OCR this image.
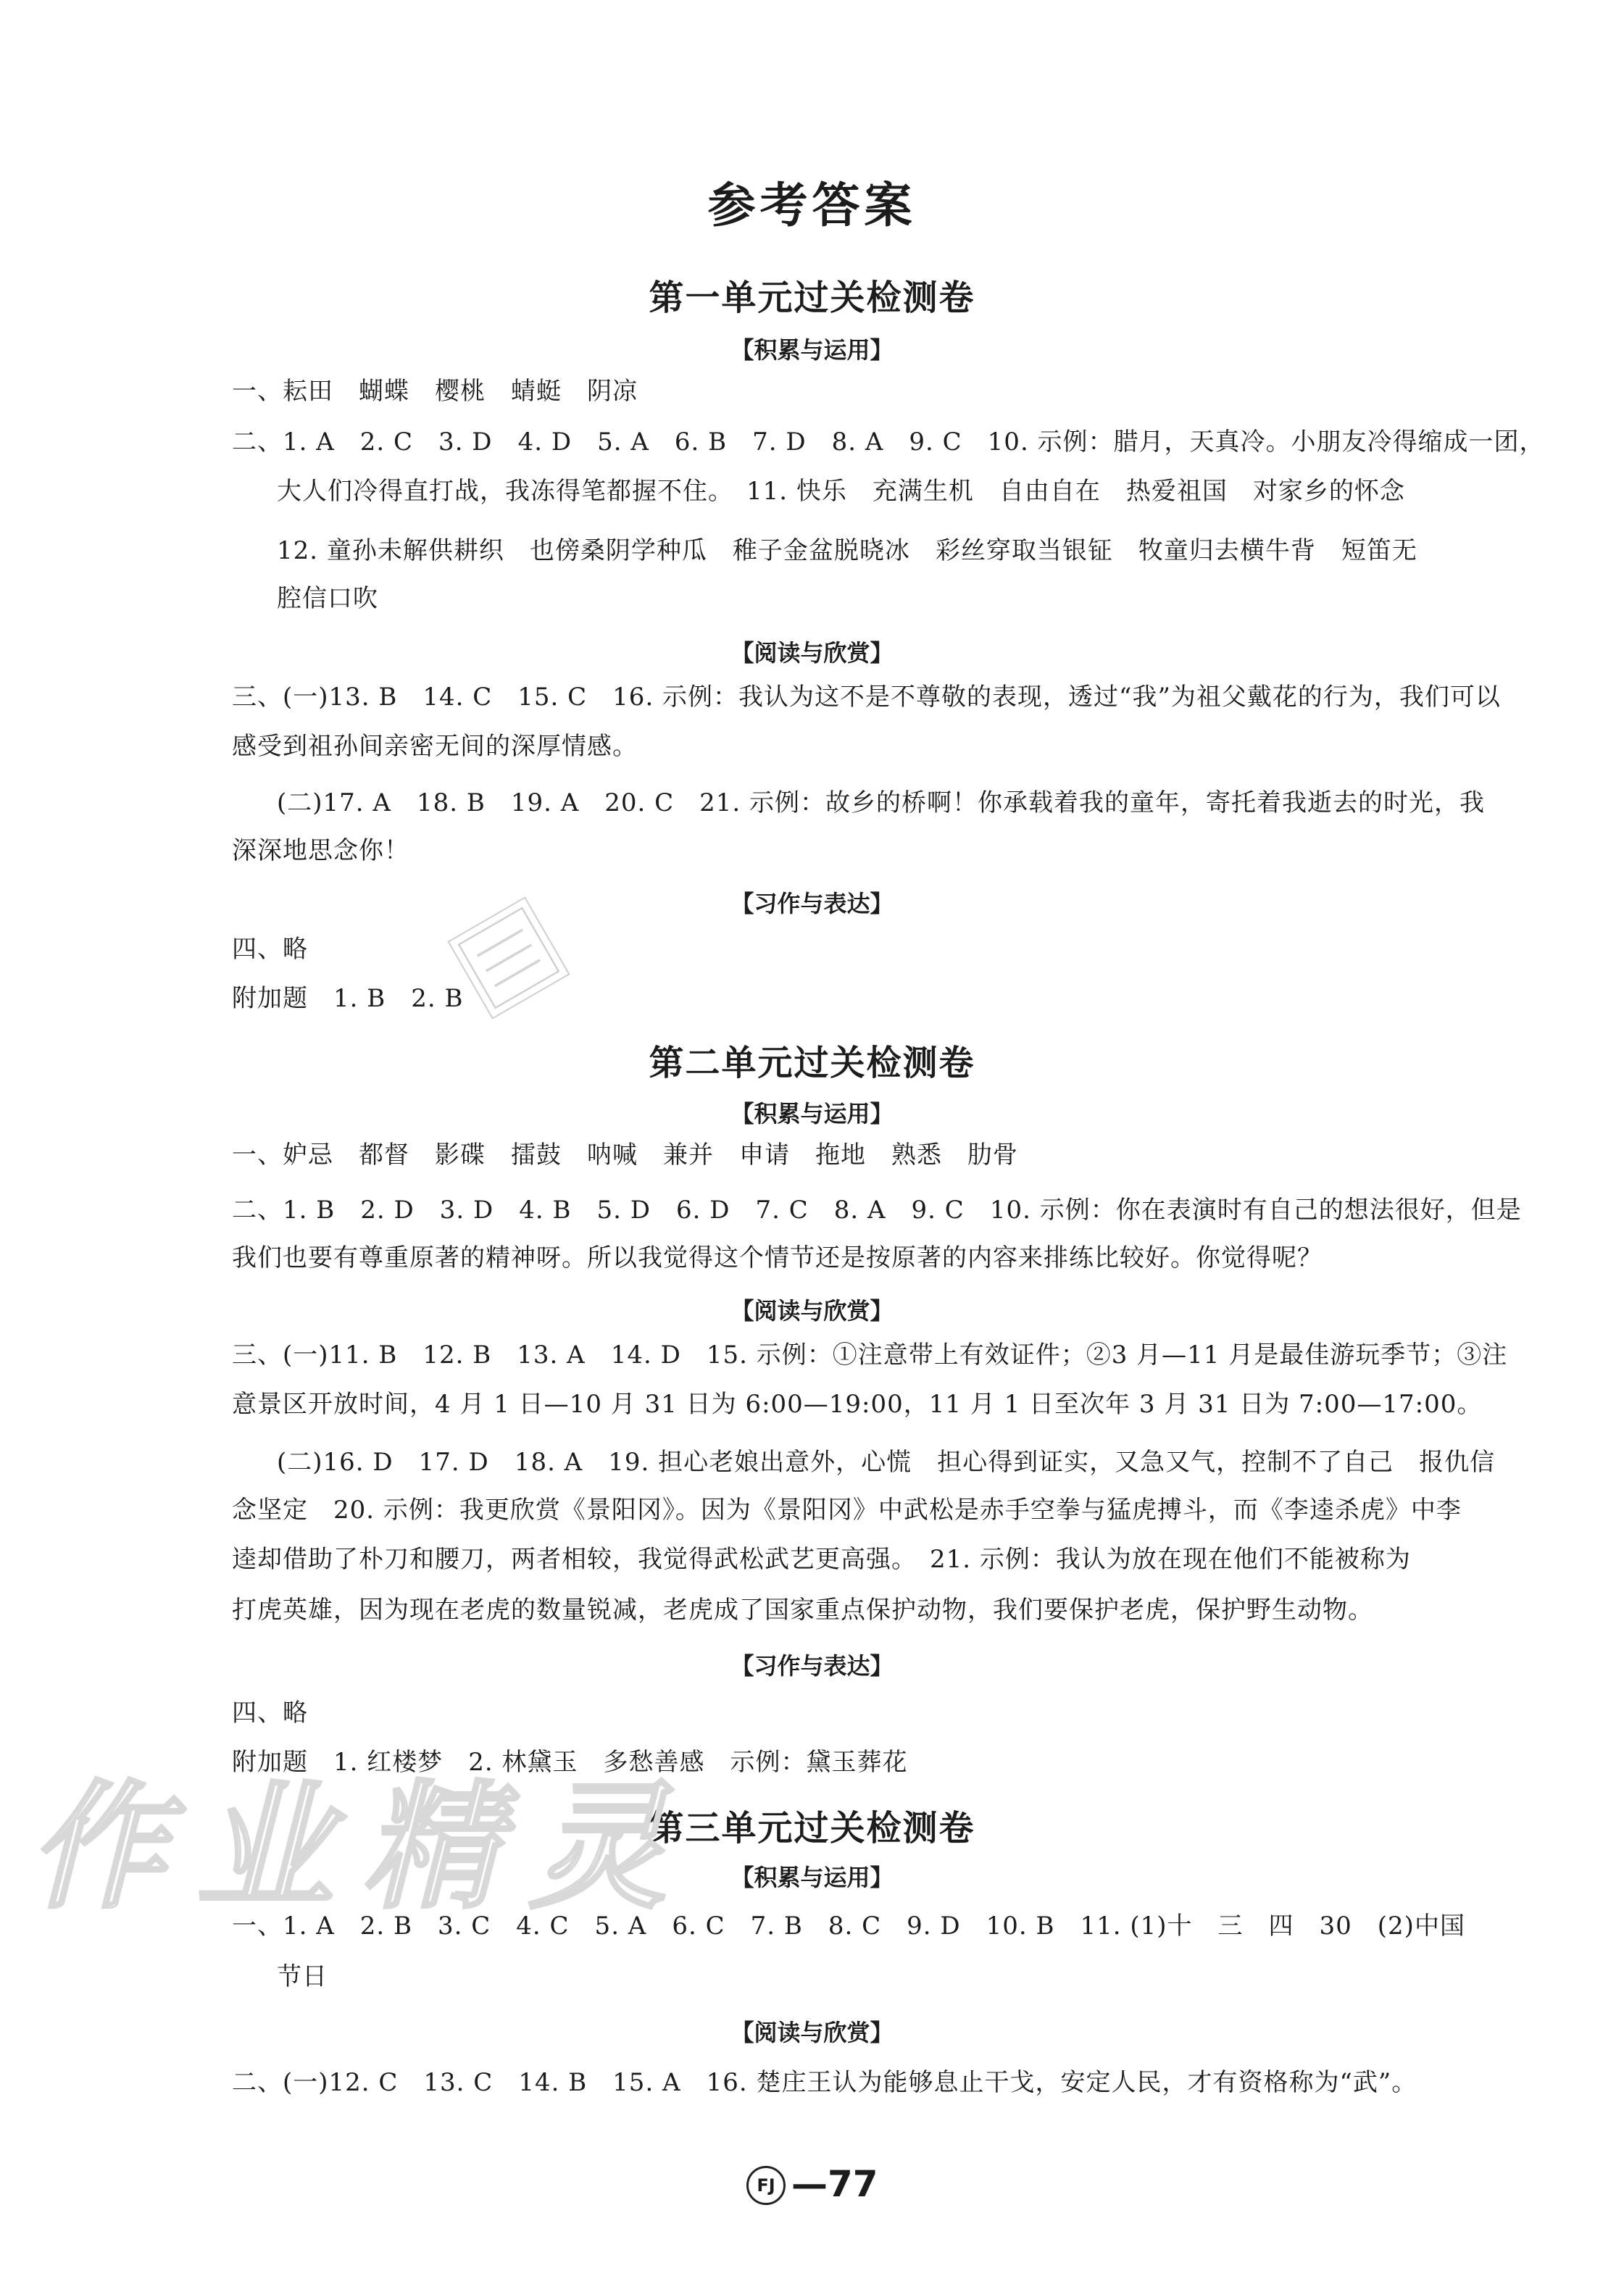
参考答案
第一单元过关检测卷
【积累与运用】
一、耘田　蝴蝶　樱桃　蜻蜓　阴凉
二、1. A　2. C　3. D　4. D　5. A　6. B　7. D　8. A　9. C　10. 示例：腊月，天真冷。小朋友冷得缩成一团，
大人们冷得直打战，我冻得笔都握不住。　11. 快乐　充满生机　自由自在　热爱祖国　对家乡的怀念
12. 童孙未解供耕织　也傍桑阴学种瓜　稚子金盆脱晓冰　彩丝穿取当银钲　牧童归去横牛背　短笛无
腔信口吹
【阅读与欣赏】
三、(一)13. B　14. C　15. C　16. 示例：我认为这不是不尊敬的表现，透过“我”为祖父戴花的行为，我们可以
感受到祖孙间亲密无间的深厚情感。
(二)17. A　18. B　19. A　20. C　21. 示例：故乡的桥啊！你承载着我的童年，寄托着我逝去的时光，我
深深地思念你！
【习作与表达】
四、略
附加题　1. B　2. B
第二单元过关检测卷
【积累与运用】
一、妒忌　都督　影碟　擂鼓　呐喊　兼并　申请　拖地　熟悉　肋骨
二、1. B　2. D　3. D　4. B　5. D　6. D　7. C　8. A　9. C　10. 示例：你在表演时有自己的想法很好，但是
我们也要有尊重原著的精神呀。所以我觉得这个情节还是按原著的内容来排练比较好。你觉得呢？
【阅读与欣赏】
三、(一)11. B　12. B　13. A　14. D　15. 示例：①注意带上有效证件；②3 月—11 月是最佳游玩季节；③注
意景区开放时间，4 月 1 日—10 月 31 日为 6:00—19:00，11 月 1 日至次年 3 月 31 日为 7:00—17:00。
(二)16. D　17. D　18. A　19. 担心老娘出意外，心慌　担心得到证实，又急又气，控制不了自己　报仇信
念坚定　20. 示例：我更欣赏《景阳冈》。因为《景阳冈》中武松是赤手空拳与猛虎搏斗，而《李逵杀虎》中李
逵却借助了朴刀和腰刀，两者相较，我觉得武松武艺更高强。　21. 示例：我认为放在现在他们不能被称为
打虎英雄，因为现在老虎的数量锐减，老虎成了国家重点保护动物，我们要保护老虎，保护野生动物。
【习作与表达】
四、略
附加题　1. 红楼梦　2. 林黛玉　多愁善感　示例：黛玉葬花
第三单元过关检测卷
【积累与运用】
一、1. A　2. B　3. C　4. C　5. A　6. C　7. B　8. C　9. D　10. B　11. (1)十　三　四　30　(2)中国
节日
【阅读与欣赏】
二、(一)12. C　13. C　14. B　15. A　16. 楚庄王认为能够息止干戈，安定人民，才有资格称为“武”。
作业精灵
FJ —77
